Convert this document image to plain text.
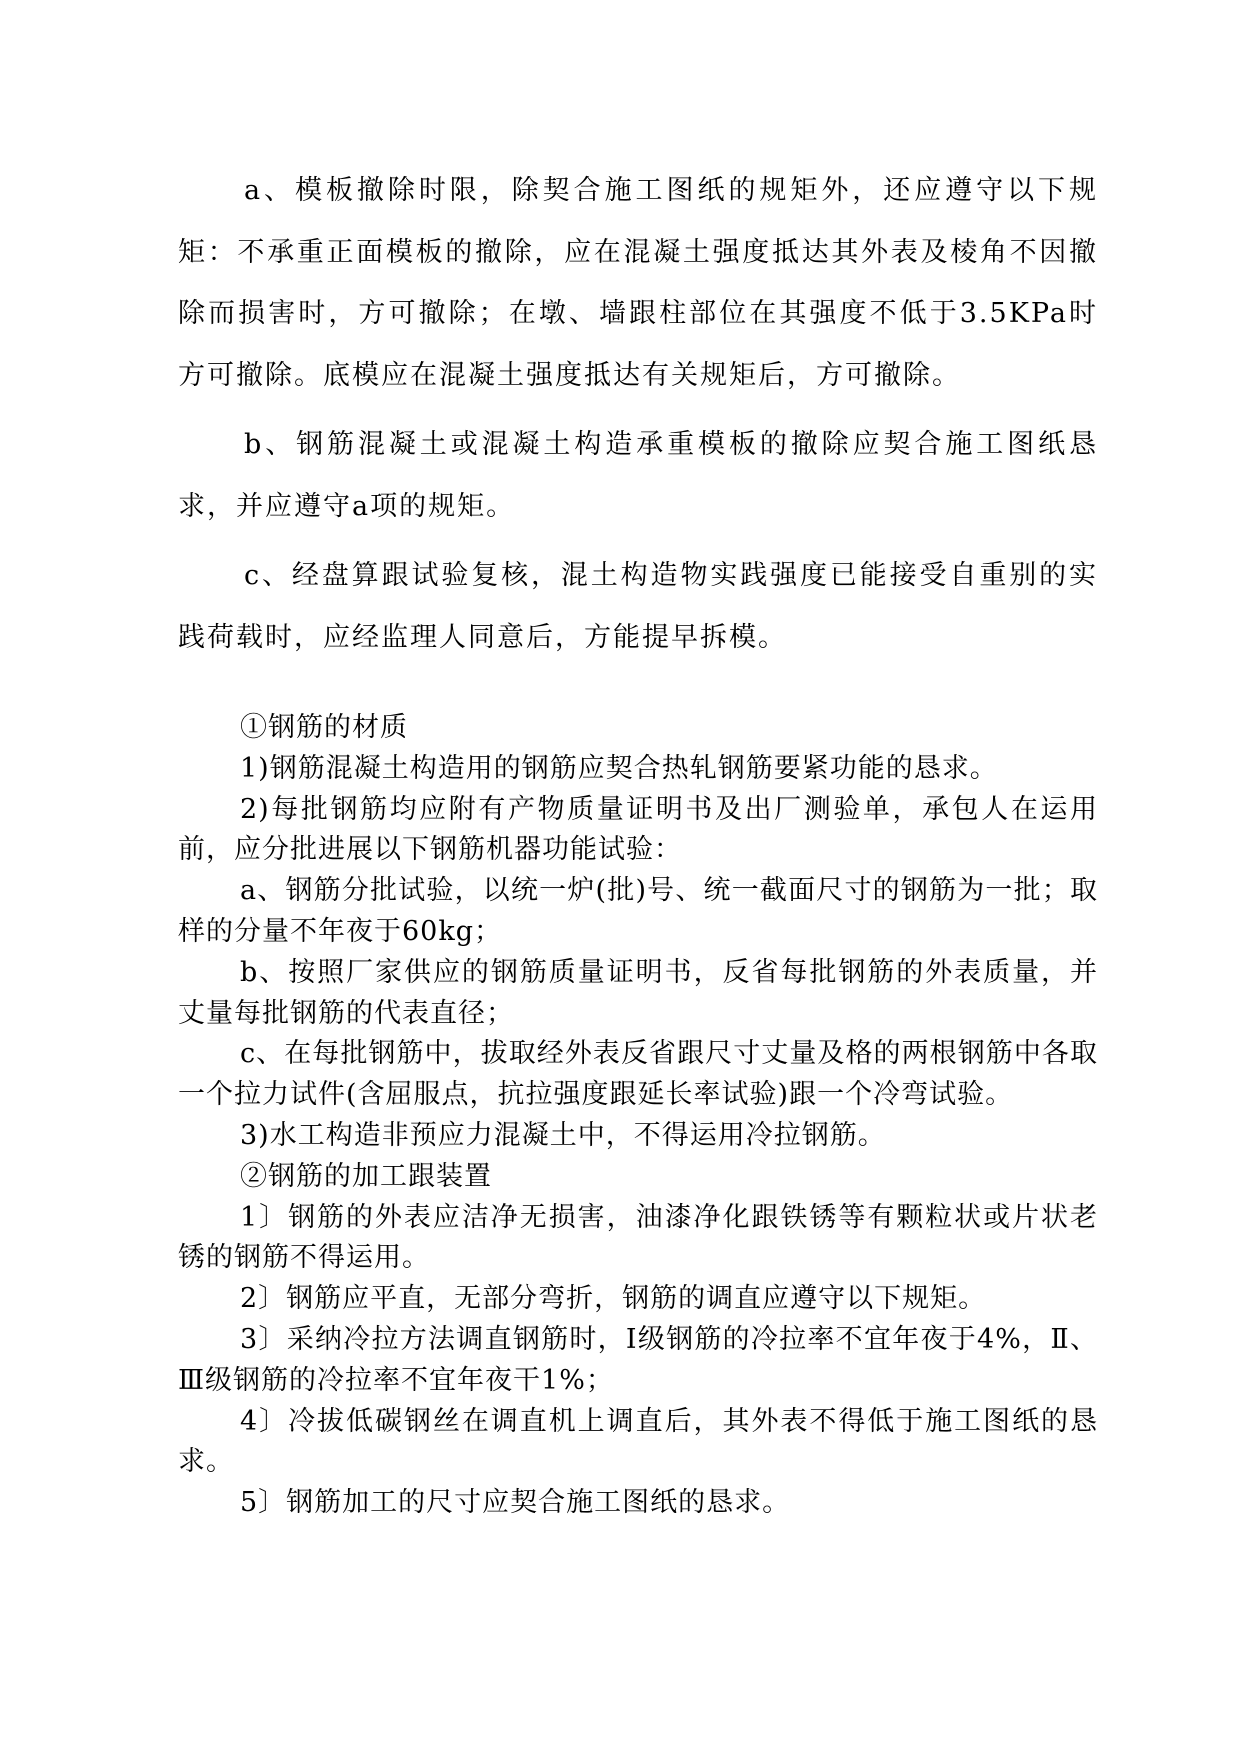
a、模板撤除时限，除契合施工图纸的规矩外，还应遵守以下规矩：不承重正面模板的撤除，应在混凝土强度抵达其外表及棱角不因撤除而损害时，方可撤除；在墩、墙跟柱部位在其强度不低于3.5KPa时方可撤除。底模应在混凝土强度抵达有关规矩后，方可撤除。

b、钢筋混凝土或混凝土构造承重模板的撤除应契合施工图纸恳求，并应遵守a项的规矩。

c、经盘算跟试验复核，混土构造物实践强度已能接受自重别的实践荷载时，应经监理人同意后，方能提早拆模。

①钢筋的材质

1)钢筋混凝土构造用的钢筋应契合热轧钢筋要紧功能的恳求。

2)每批钢筋均应附有产物质量证明书及出厂测验单，承包人在运用前，应分批进展以下钢筋机器功能试验：

a、钢筋分批试验，以统一炉(批)号、统一截面尺寸的钢筋为一批；取样的分量不年夜于60kg；

b、按照厂家供应的钢筋质量证明书，反省每批钢筋的外表质量，并丈量每批钢筋的代表直径；

c、在每批钢筋中，拔取经外表反省跟尺寸丈量及格的两根钢筋中各取一个拉力试件(含屈服点，抗拉强度跟延长率试验)跟一个冷弯试验。

3)水工构造非预应力混凝土中，不得运用冷拉钢筋。

②钢筋的加工跟装置

1〕钢筋的外表应洁净无损害，油漆净化跟铁锈等有颗粒状或片状老锈的钢筋不得运用。

2〕钢筋应平直，无部分弯折，钢筋的调直应遵守以下规矩。

3〕采纳冷拉方法调直钢筋时，I级钢筋的冷拉率不宜年夜于4%，Ⅱ、Ⅲ级钢筋的冷拉率不宜年夜干1%；

4〕冷拔低碳钢丝在调直机上调直后，其外表不得低于施工图纸的恳求。

5〕钢筋加工的尺寸应契合施工图纸的恳求。
